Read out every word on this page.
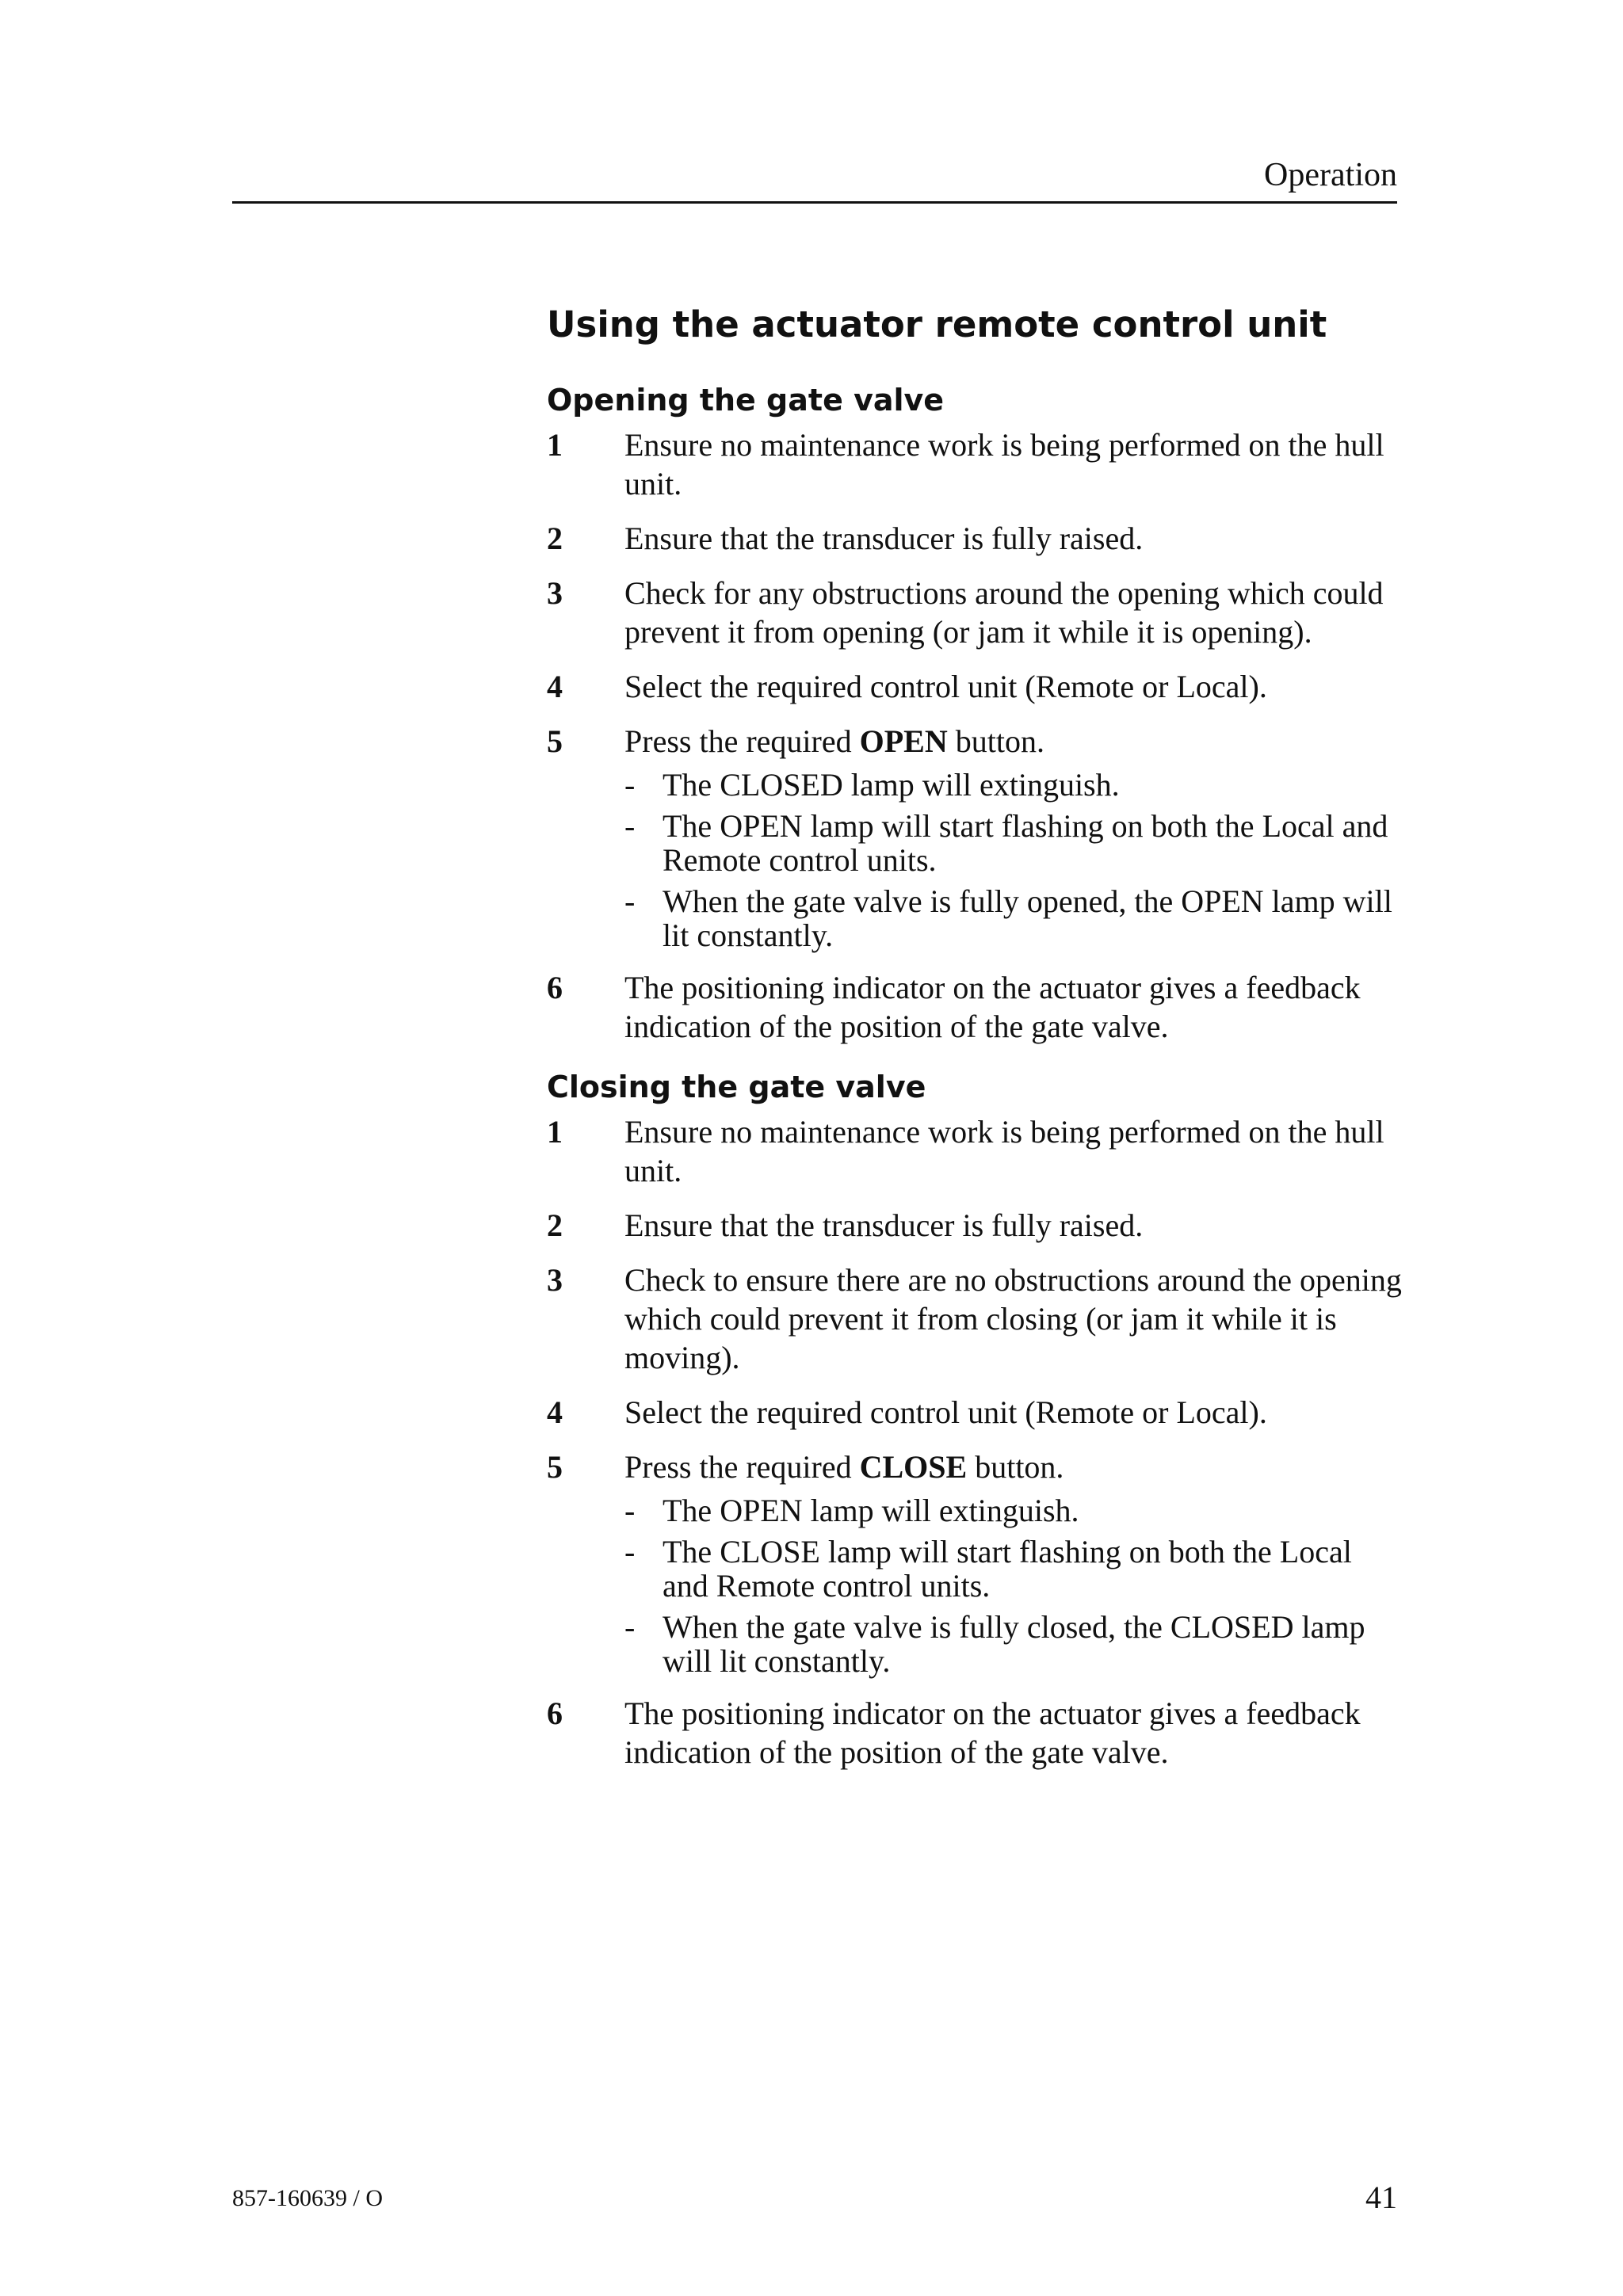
Operation
Using the actuator remote control unit
Opening the gate valve
1	Ensure no maintenance work is being performed on the hull unit.
2	Ensure that the transducer is fully raised.
3	Check for any obstructions around the opening which could prevent it from opening (or jam it while it is opening).
4	Select the required control unit (Remote or Local).
5	Press the required OPEN button.
- The CLOSED lamp will extinguish.
- The OPEN lamp will start flashing on both the Local and Remote control units.
- When the gate valve is fully opened, the OPEN lamp will lit constantly.
6	The positioning indicator on the actuator gives a feedback indication of the position of the gate valve.
Closing the gate valve
1	Ensure no maintenance work is being performed on the hull unit.
2	Ensure that the transducer is fully raised.
3	Check to ensure there are no obstructions around the opening which could prevent it from closing (or jam it while it is moving).
4	Select the required control unit (Remote or Local).
5	Press the required CLOSE button.
- The OPEN lamp will extinguish.
- The CLOSE lamp will start flashing on both the Local and Remote control units.
- When the gate valve is fully closed, the CLOSED lamp will lit constantly.
6	The positioning indicator on the actuator gives a feedback indication of the position of the gate valve.
857-160639 / O	41
